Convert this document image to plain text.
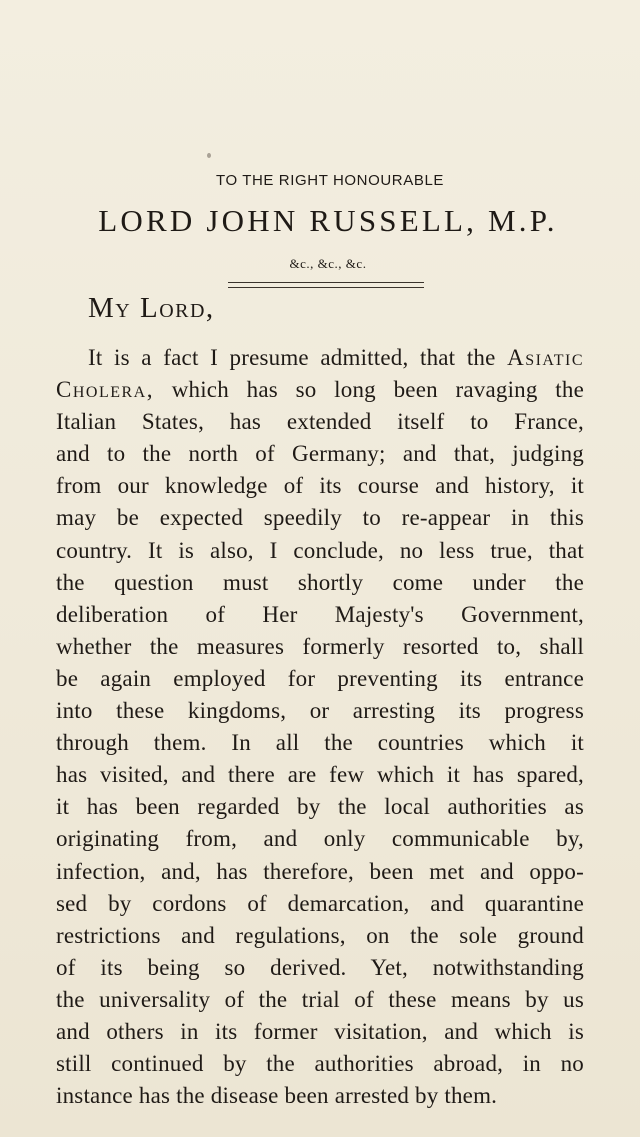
TO THE RIGHT HONOURABLE
LORD JOHN RUSSELL, M.P.
&c., &c., &c.
My Lord,
It is a fact I presume admitted, that the Asiatic
Cholera, which has so long been ravaging the
Italian States, has extended itself to France,
and to the north of Germany; and that, judging
from our knowledge of its course and history, it
may be expected speedily to re-appear in this
country. It is also, I conclude, no less true, that
the question must shortly come under the
deliberation of Her Majesty's Government,
whether the measures formerly resorted to, shall
be again employed for preventing its entrance
into these kingdoms, or arresting its progress
through them. In all the countries which it
has visited, and there are few which it has spared,
it has been regarded by the local authorities as
originating from, and only communicable by,
infection, and, has therefore, been met and oppo-
sed by cordons of demarcation, and quarantine
restrictions and regulations, on the sole ground
of its being so derived. Yet, notwithstanding
the universality of the trial of these means by us
and others in its former visitation, and which is
still continued by the authorities abroad, in no
instance has the disease been arrested by them.
